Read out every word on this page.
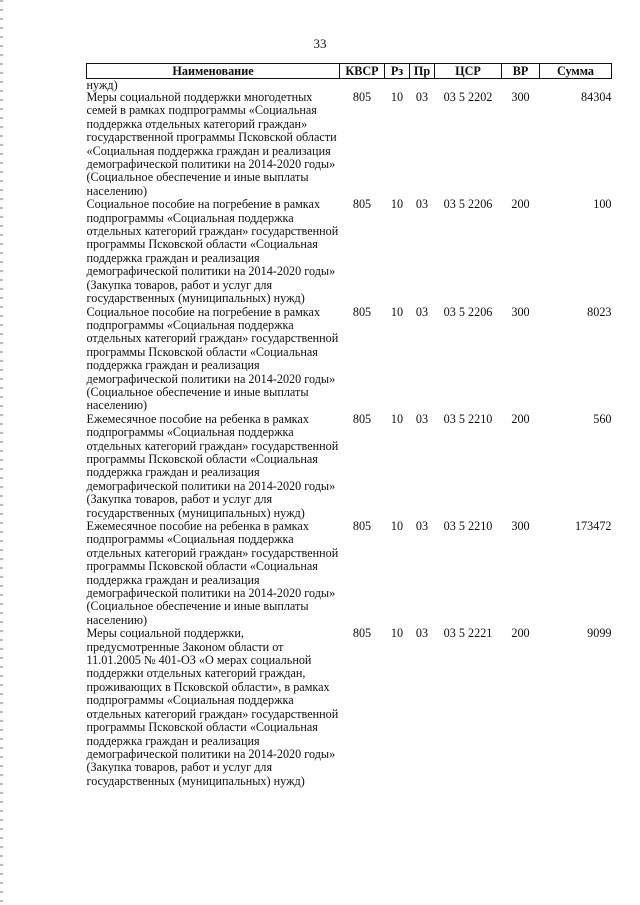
33
Наименование	КВСР	Рз	Пр	ЦСР	ВР	Сумма
нужд)						
Меры социальной поддержки многодетных семей в рамках подпрограммы «Социальная поддержка отдельных категорий граждан» государственной программы Псковской области «Социальная поддержка граждан и реализация демографической политики на 2014-2020 годы» (Социальное обеспечение и иные выплаты населению)	805	10	03	03 5 2202	300	84304
Социальное пособие на погребение в рамках подпрограммы «Социальная поддержка отдельных категорий граждан» государственной программы Псковской области «Социальная поддержка граждан и реализация демографической политики на 2014-2020 годы» (Закупка товаров, работ и услуг для государственных (муниципальных) нужд)	805	10	03	03 5 2206	200	100
Социальное пособие на погребение в рамках подпрограммы «Социальная поддержка отдельных категорий граждан» государственной программы Псковской области «Социальная поддержка граждан и реализация демографической политики на 2014-2020 годы» (Социальное обеспечение и иные выплаты населению)	805	10	03	03 5 2206	300	8023
Ежемесячное пособие на ребенка в рамках подпрограммы «Социальная поддержка отдельных категорий граждан» государственной программы Псковской области «Социальная поддержка граждан и реализация демографической политики на 2014-2020 годы» (Закупка товаров, работ и услуг для государственных (муниципальных) нужд)	805	10	03	03 5 2210	200	560
Ежемесячное пособие на ребенка в рамках подпрограммы «Социальная поддержка отдельных категорий граждан» государственной программы Псковской области «Социальная поддержка граждан и реализация демографической политики на 2014-2020 годы» (Социальное обеспечение и иные выплаты населению)	805	10	03	03 5 2210	300	173472
Меры социальной поддержки, предусмотренные Законом области от 11.01.2005 № 401-ОЗ «О мерах социальной поддержки отдельных категорий граждан, проживающих в Псковской области», в рамках подпрограммы «Социальная поддержка отдельных категорий граждан» государственной программы Псковской области «Социальная поддержка граждан и реализация демографической политики на 2014-2020 годы» (Закупка товаров, работ и услуг для государственных (муниципальных) нужд)	805	10	03	03 5 2221	200	9099
